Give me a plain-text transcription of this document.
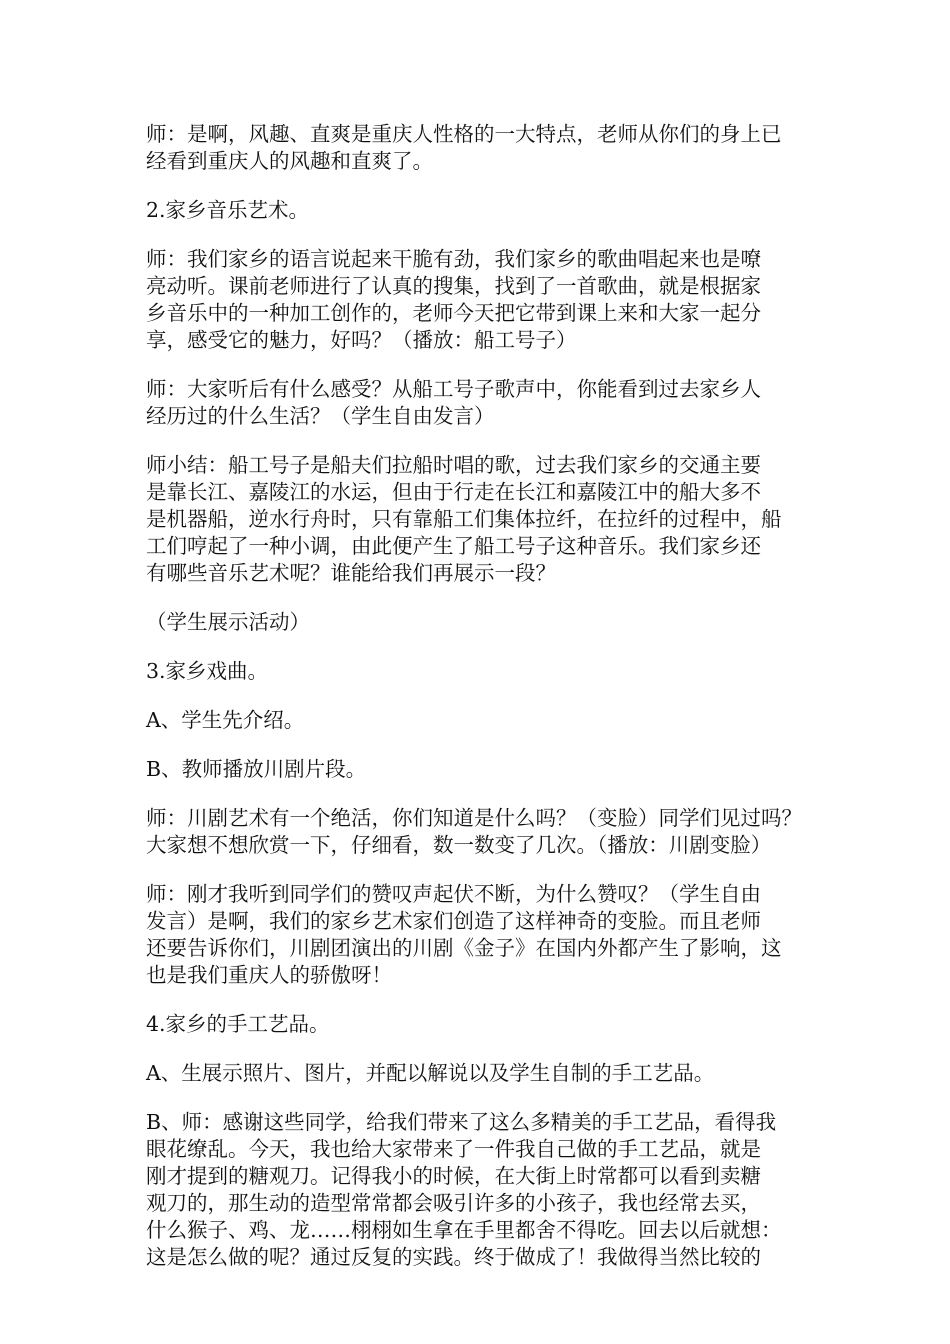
师：是啊，风趣、直爽是重庆人性格的一大特点，老师从你们的身上已
经看到重庆人的风趣和直爽了。

2.家乡音乐艺术。

师：我们家乡的语言说起来干脆有劲，我们家乡的歌曲唱起来也是嘹
亮动听。课前老师进行了认真的搜集，找到了一首歌曲，就是根据家
乡音乐中的一种加工创作的，老师今天把它带到课上来和大家一起分
享，感受它的魅力，好吗？（播放：船工号子）

师：大家听后有什么感受？从船工号子歌声中，你能看到过去家乡人
经历过的什么生活？（学生自由发言）

师小结：船工号子是船夫们拉船时唱的歌，过去我们家乡的交通主要
是靠长江、嘉陵江的水运，但由于行走在长江和嘉陵江中的船大多不
是机器船，逆水行舟时，只有靠船工们集体拉纤，在拉纤的过程中，船
工们哼起了一种小调，由此便产生了船工号子这种音乐。我们家乡还
有哪些音乐艺术呢？谁能给我们再展示一段？

（学生展示活动）

3.家乡戏曲。

A、学生先介绍。

B、教师播放川剧片段。

师：川剧艺术有一个绝活，你们知道是什么吗？（变脸）同学们见过吗？
大家想不想欣赏一下，仔细看，数一数变了几次。（播放：川剧变脸）

师：刚才我听到同学们的赞叹声起伏不断，为什么赞叹？（学生自由
发言）是啊，我们的家乡艺术家们创造了这样神奇的变脸。而且老师
还要告诉你们，川剧团演出的川剧《金子》在国内外都产生了影响，这
也是我们重庆人的骄傲呀！

4.家乡的手工艺品。

A、生展示照片、图片，并配以解说以及学生自制的手工艺品。

B、师：感谢这些同学，给我们带来了这么多精美的手工艺品，看得我
眼花缭乱。今天，我也给大家带来了一件我自己做的手工艺品，就是
刚才提到的糖观刀。记得我小的时候，在大街上时常都可以看到卖糖
观刀的，那生动的造型常常都会吸引许多的小孩子，我也经常去买，
什么猴子、鸡、龙……栩栩如生拿在手里都舍不得吃。回去以后就想：
这是怎么做的呢？通过反复的实践。终于做成了！我做得当然比较的
